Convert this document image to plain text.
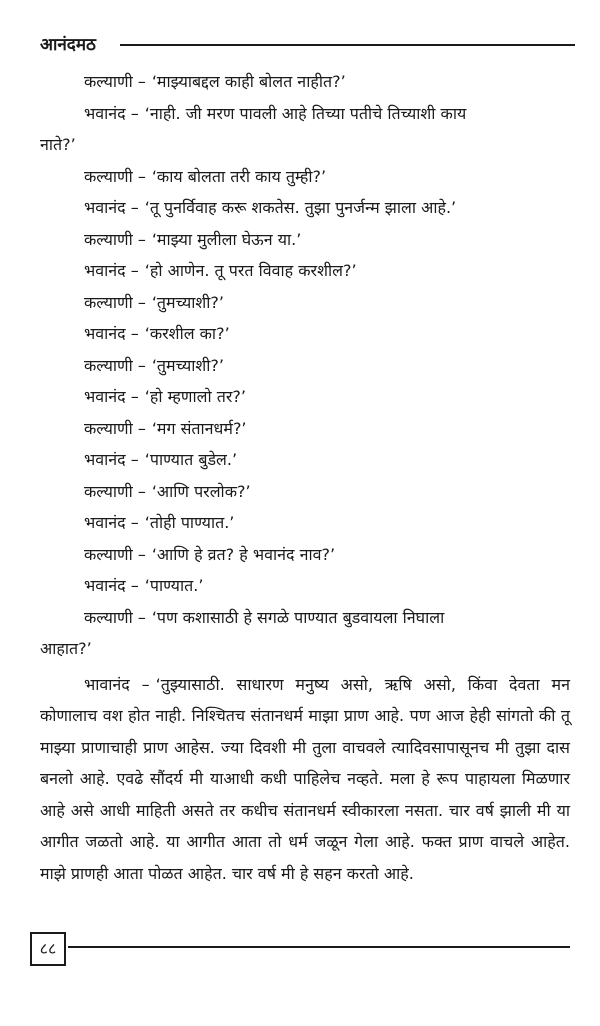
आनंदमठ
कल्याणी – ‘माझ्याबद्दल काही बोलत नाहीत?’
भवानंद – ‘नाही. जी मरण पावली आहे तिच्या पतीचे तिच्याशी काय
नाते?’
कल्याणी – ‘काय बोलता तरी काय तुम्ही?’
भवानंद – ‘तू पुनर्विवाह करू शकतेस. तुझा पुनर्जन्म झाला आहे.’
कल्याणी – ‘माझ्या मुलीला घेऊन या.’
भवानंद – ‘हो आणेन. तू परत विवाह करशील?’
कल्याणी – ‘तुमच्याशी?’
भवानंद – ‘करशील का?’
कल्याणी – ‘तुमच्याशी?’
भवानंद – ‘हो म्हणालो तर?’
कल्याणी – ‘मग संतानधर्म?’
भवानंद – ‘पाण्यात बुडेल.’
कल्याणी – ‘आणि परलोक?’
भवानंद – ‘तोही पाण्यात.’
कल्याणी – ‘आणि हे व्रत? हे भवानंद नाव?’
भवानंद – ‘पाण्यात.’
कल्याणी – ‘पण कशासाठी हे सगळे पाण्यात बुडवायला निघाला
आहात?’
भावानंद – ‘तुझ्यासाठी. साधारण मनुष्य असो, ऋषि असो, किंवा देवता मन कोणालाच वश होत नाही. निश्चितच संतानधर्म माझा प्राण आहे. पण आज हेही सांगतो की तू माझ्या प्राणाचाही प्राण आहेस. ज्या दिवशी मी तुला वाचवले त्यादिवसापासूनच मी तुझा दास बनलो आहे. एवढे सौंदर्य मी याआधी कधी पाहिलेच नव्हते. मला हे रूप पाहायला मिळणार आहे असे आधी माहिती असते तर कधीच संतानधर्म स्वीकारला नसता. चार वर्ष झाली मी या आगीत जळतो आहे. या आगीत आता तो धर्म जळून गेला आहे. फक्त प्राण वाचले आहेत. माझे प्राणही आता पोळत आहेत. चार वर्ष मी हे सहन करतो आहे.
८८
